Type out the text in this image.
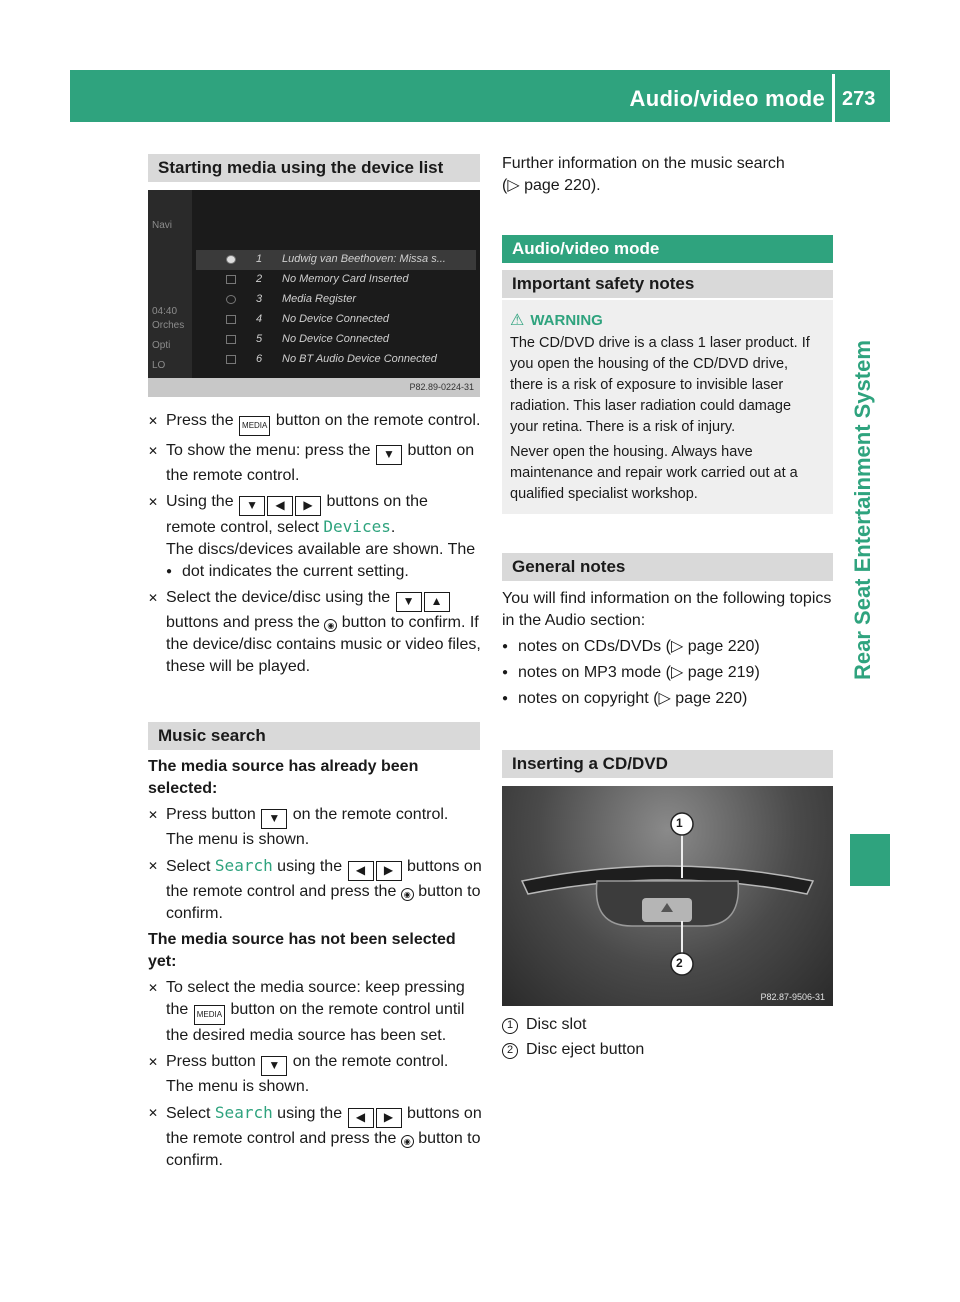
Audio/video mode 273
Rear Seat Entertainment System
Starting media using the device list
Navi
04:40
Orches
Opti
LO
1 Ludwig van Beethoven: Missa s...
2 No Memory Card Inserted
3 Media Register
4 No Device Connected
5 No Device Connected
6 No BT Audio Device Connected
P82.89-0224-31
✕ Press the MEDIA button on the remote control.
✕ To show the menu: press the ▼ button on the remote control.
✕ Using the ▼ ◀ ▶ buttons on the remote control, select Devices.
The discs/devices available are shown. The
● dot indicates the current setting.
✕ Select the device/disc using the ▼ ▲ buttons and press the ◉ button to confirm. If the device/disc contains music or video files, these will be played.
Music search
The media source has already been selected:
✕ Press button ▼ on the remote control.
The menu is shown.
✕ Select Search using the ◀ ▶ buttons on the remote control and press the ◉ button to confirm.
The media source has not been selected yet:
✕ To select the media source: keep pressing the MEDIA button on the remote control until the desired media source has been set.
✕ Press button ▼ on the remote control.
The menu is shown.
✕ Select Search using the ◀ ▶ buttons on the remote control and press the ◉ button to confirm.
Further information on the music search
(▷ page 220).
Audio/video mode
Important safety notes
⚠ WARNING
The CD/DVD drive is a class 1 laser product. If you open the housing of the CD/DVD drive, there is a risk of exposure to invisible laser radiation. This laser radiation could damage your retina. There is a risk of injury.
Never open the housing. Always have maintenance and repair work carried out at a qualified specialist workshop.
General notes
You will find information on the following topics in the Audio section:
● notes on CDs/DVDs (▷ page 220)
● notes on MP3 mode (▷ page 219)
● notes on copyright (▷ page 220)
Inserting a CD/DVD
1
2
P82.87-9506-31
1 Disc slot
2 Disc eject button
